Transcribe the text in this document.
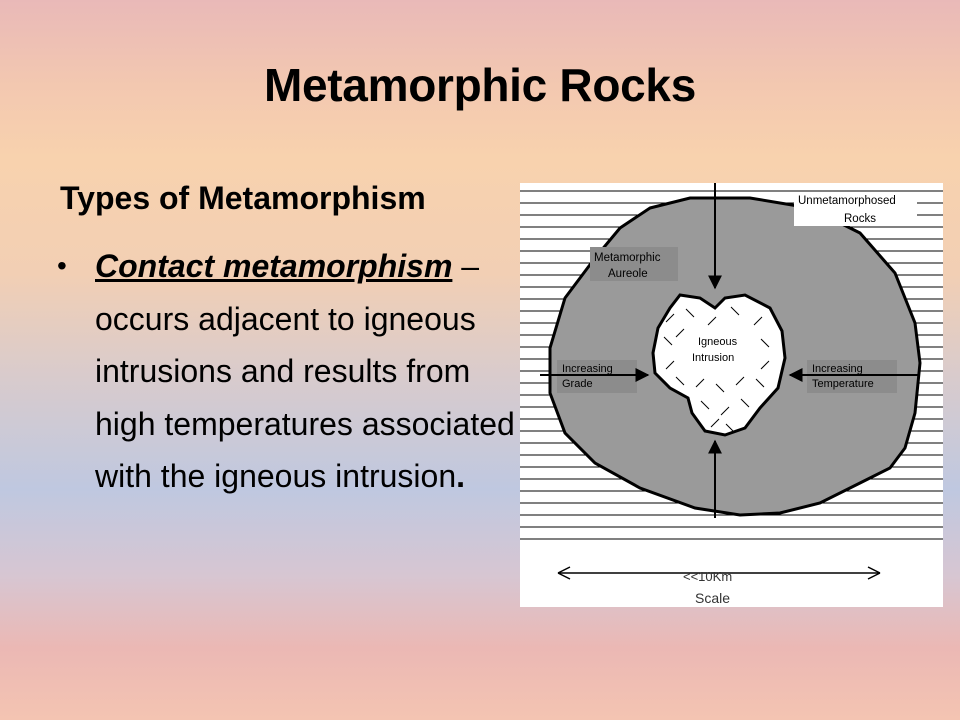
Metamorphic Rocks
Types of Metamorphism
• Contact metamorphism – occurs adjacent to igneous intrusions and results from high temperatures associated with the igneous intrusion.
Unmetamorphosed
Rocks
Metamorphic
Aureole
Igneous
Intrusion
Increasing
Grade
Increasing
Temperature
<<10Km
Scale
